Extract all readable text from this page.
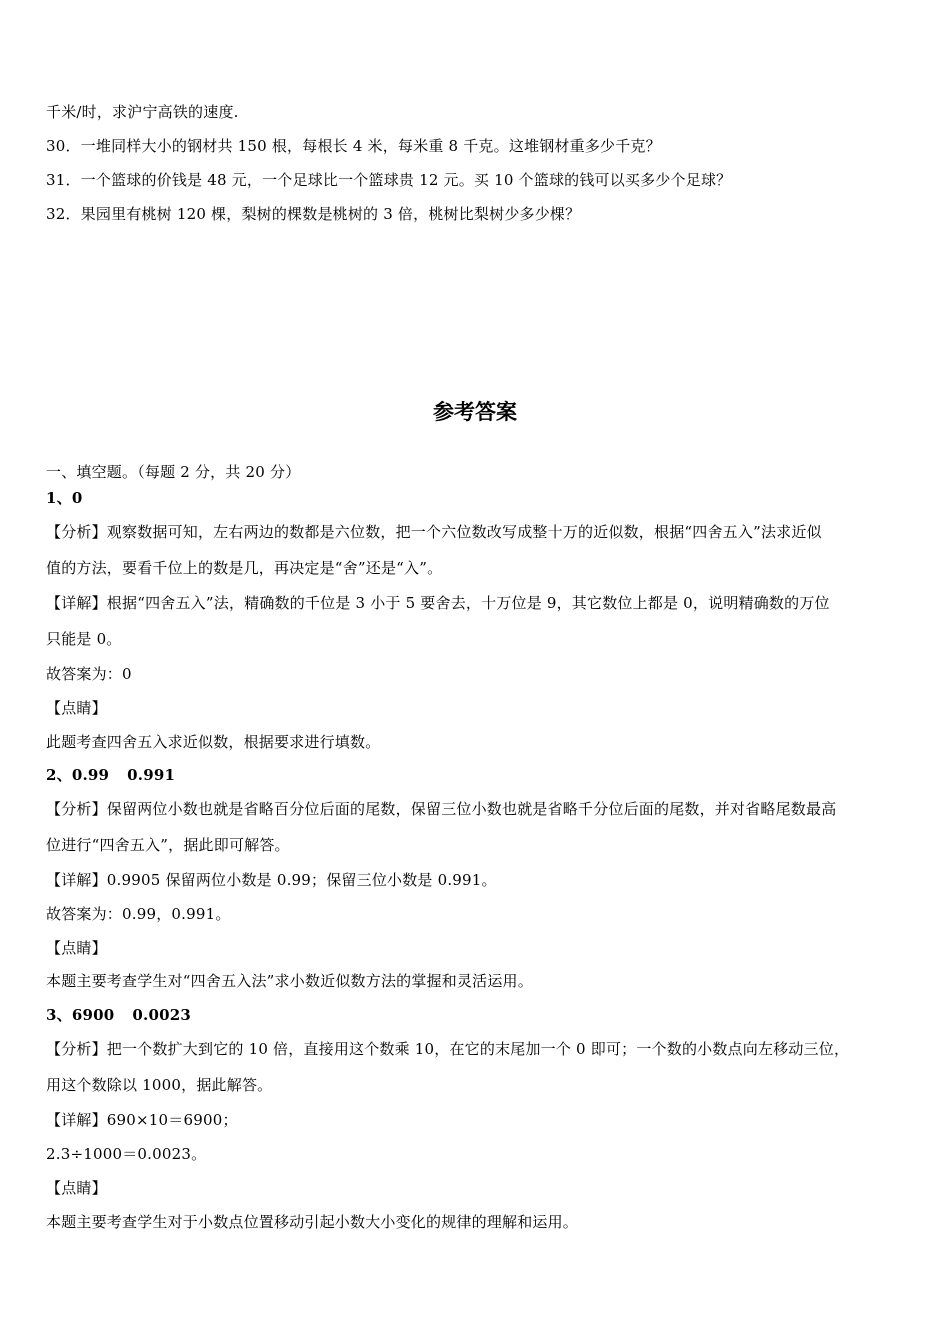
千米/时，求沪宁高铁的速度.
30．一堆同样大小的钢材共 150 根，每根长 4 米，每米重 8 千克。这堆钢材重多少千克？
31．一个篮球的价钱是 48 元，一个足球比一个篮球贵 12 元。买 10 个篮球的钱可以买多少个足球？
32．果园里有桃树 120 棵，梨树的棵数是桃树的 3 倍，桃树比梨树少多少棵？
参考答案
一、填空题。（每题 2 分，共 20 分）
1、0
【分析】观察数据可知，左右两边的数都是六位数，把一个六位数改写成整十万的近似数，根据“四舍五入”法求近似
值的方法，要看千位上的数是几，再决定是“舍”还是“入”。
【详解】根据“四舍五入”法，精确数的千位是 3 小于 5 要舍去，十万位是 9，其它数位上都是 0，说明精确数的万位
只能是 0。
故答案为：0
【点睛】
此题考查四舍五入求近似数，根据要求进行填数。
2、0.99 0.991
【分析】保留两位小数也就是省略百分位后面的尾数，保留三位小数也就是省略千分位后面的尾数，并对省略尾数最高
位进行“四舍五入”，据此即可解答。
【详解】0.9905 保留两位小数是 0.99；保留三位小数是 0.991。
故答案为：0.99，0.991。
【点睛】
本题主要考查学生对“四舍五入法”求小数近似数方法的掌握和灵活运用。
3、6900 0.0023
【分析】把一个数扩大到它的 10 倍，直接用这个数乘 10，在它的末尾加一个 0 即可；一个数的小数点向左移动三位，
用这个数除以 1000，据此解答。
【详解】690×10＝6900；
2.3÷1000＝0.0023。
【点睛】
本题主要考查学生对于小数点位置移动引起小数大小变化的规律的理解和运用。
